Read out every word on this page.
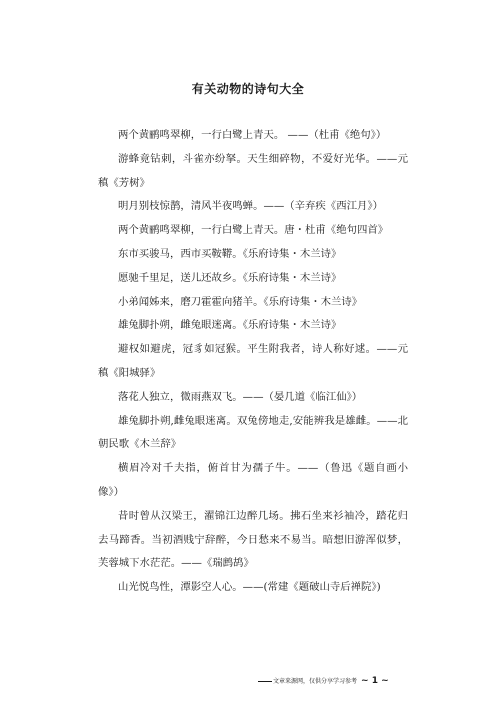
有关动物的诗句大全

两个黄鹂鸣翠柳，一行白鹭上青天。 ——（杜甫《绝句》）

游蜂竟钻刺，斗雀亦纷拏。天生细碎物，不爱好光华。——元稹《芳树》

明月别枝惊鹊，清风半夜鸣蝉。——（辛弃疾《西江月》）

两个黄鹂鸣翠柳，一行白鹭上青天。唐・杜甫《绝句四首》

东市买骏马，西市买鞍鞯。《乐府诗集・木兰诗》

愿驰千里足，送儿还故乡。《乐府诗集・木兰诗》

小弟闻姊来，磨刀霍霍向猪羊。《乐府诗集・木兰诗》

雄兔脚扑朔，雌兔眼迷离。《乐府诗集・木兰诗》

避权如避虎，冠豸如冠猴。平生附我者，诗人称好逑。——元稹《阳城驿》

落花人独立，微雨燕双飞。——（晏几道《临江仙》）

雄兔脚扑朔,雌兔眼迷离。双兔傍地走,安能辨我是雄雌。——北朝民歌《木兰辞》

横眉冷对千夫指，俯首甘为孺子牛。——（鲁迅《题自画小像》）

昔时曾从汉梁王，濯锦江边醉几场。拂石坐来衫袖冷，踏花归去马蹄香。当初酒贱宁辞醉，今日愁来不易当。暗想旧游浑似梦，芙蓉城下水茫茫。——《瑞鹧鸪》

山光悦鸟性，潭影空人心。——(常建《题破山寺后禅院》)

文章来源网，仅供分享学习参考 ~ 1 ~
